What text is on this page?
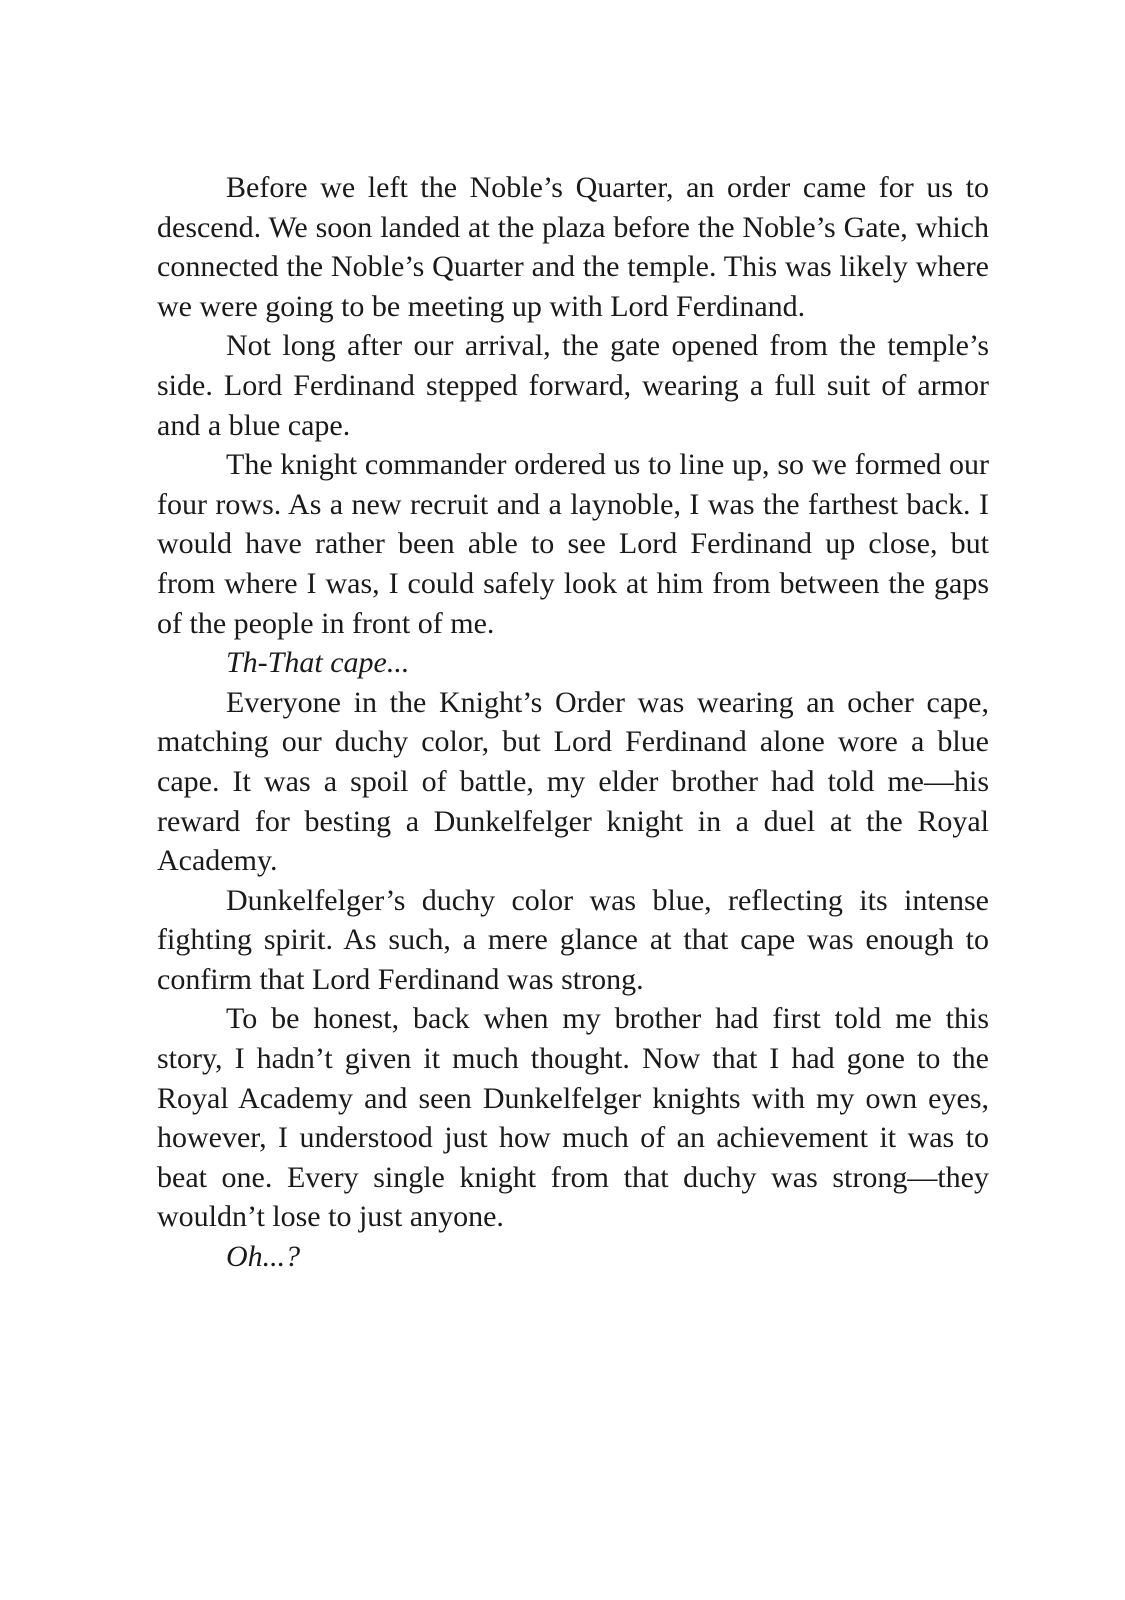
Before we left the Noble’s Quarter, an order came for us to descend. We soon landed at the plaza before the Noble’s Gate, which connected the Noble’s Quarter and the temple. This was likely where we were going to be meeting up with Lord Ferdinand.

Not long after our arrival, the gate opened from the temple’s side. Lord Ferdinand stepped forward, wearing a full suit of armor and a blue cape.

The knight commander ordered us to line up, so we formed our four rows. As a new recruit and a laynoble, I was the farthest back. I would have rather been able to see Lord Ferdinand up close, but from where I was, I could safely look at him from between the gaps of the people in front of me.

Th-That cape...

Everyone in the Knight’s Order was wearing an ocher cape, matching our duchy color, but Lord Ferdinand alone wore a blue cape. It was a spoil of battle, my elder brother had told me—his reward for besting a Dunkelfelger knight in a duel at the Royal Academy.

Dunkelfelger’s duchy color was blue, reflecting its intense fighting spirit. As such, a mere glance at that cape was enough to confirm that Lord Ferdinand was strong.

To be honest, back when my brother had first told me this story, I hadn’t given it much thought. Now that I had gone to the Royal Academy and seen Dunkelfelger knights with my own eyes, however, I understood just how much of an achievement it was to beat one. Every single knight from that duchy was strong—they wouldn’t lose to just anyone.

Oh...?
